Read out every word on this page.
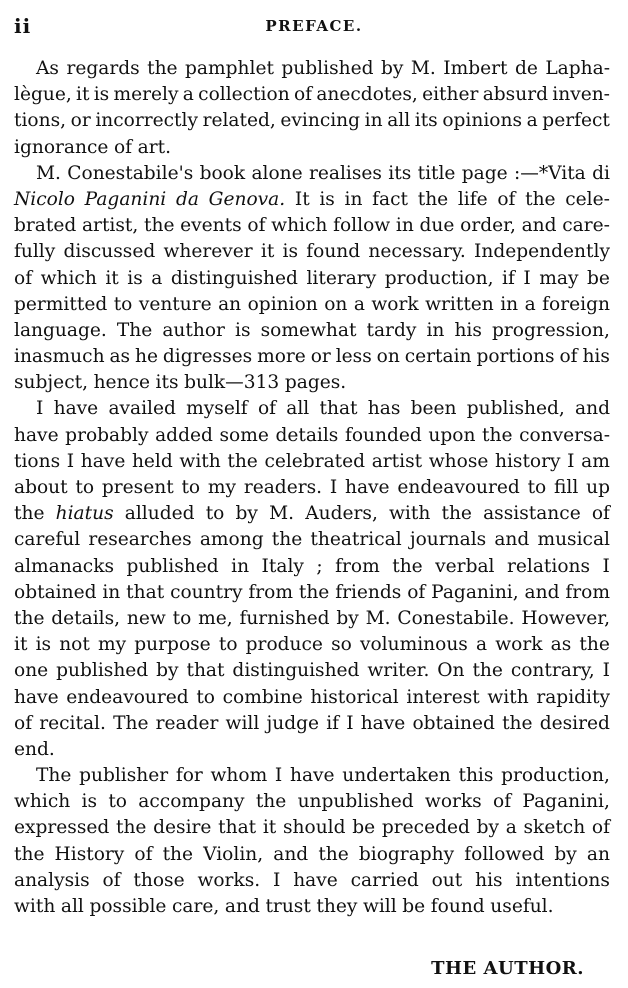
ii	PREFACE.
As regards the pamphlet published by M. Imbert de Lapha-
lègue, it is merely a collection of anecdotes, either absurd inven-
tions, or incorrectly related, evincing in all its opinions a perfect
ignorance of art.
M. Conestabile's book alone realises its title page :—*Vita di
Nicolo Paganini da Genova. It is in fact the life of the cele-
brated artist, the events of which follow in due order, and care-
fully discussed wherever it is found necessary. Independently
of which it is a distinguished literary production, if I may be
permitted to venture an opinion on a work written in a foreign
language. The author is somewhat tardy in his progression,
inasmuch as he digresses more or less on certain portions of his
subject, hence its bulk—313 pages.
I have availed myself of all that has been published, and
have probably added some details founded upon the conversa-
tions I have held with the celebrated artist whose history I am
about to present to my readers. I have endeavoured to fill up
the hiatus alluded to by M. Auders, with the assistance of
careful researches among the theatrical journals and musical
almanacks published in Italy ; from the verbal relations I
obtained in that country from the friends of Paganini, and from
the details, new to me, furnished by M. Conestabile. However,
it is not my purpose to produce so voluminous a work as the
one published by that distinguished writer. On the contrary, I
have endeavoured to combine historical interest with rapidity
of recital. The reader will judge if I have obtained the desired
end.
The publisher for whom I have undertaken this production,
which is to accompany the unpublished works of Paganini,
expressed the desire that it should be preceded by a sketch of
the History of the Violin, and the biography followed by an
analysis of those works. I have carried out his intentions
with all possible care, and trust they will be found useful.
THE AUTHOR.
